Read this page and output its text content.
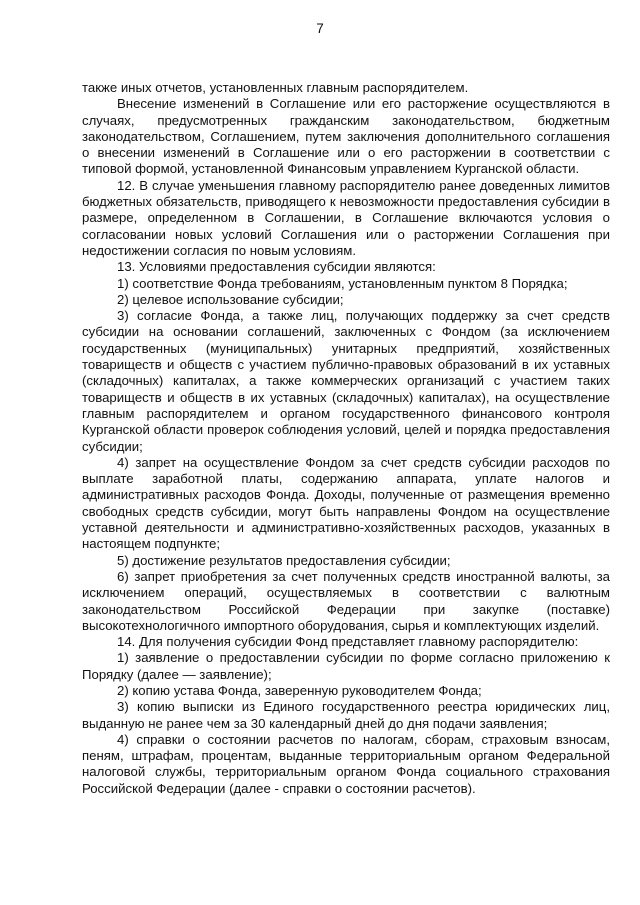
7

также иных отчетов, установленных главным распорядителем.

Внесение изменений в Соглашение или его расторжение осуществляются в случаях, предусмотренных гражданским законодательством, бюджетным законодательством, Соглашением, путем заключения дополнительного соглашения о внесении изменений в Соглашение или о его расторжении в соответствии с типовой формой, установленной Финансовым управлением Курганской области.

12. В случае уменьшения главному распорядителю ранее доведенных лимитов бюджетных обязательств, приводящего к невозможности предоставления субсидии в размере, определенном в Соглашении, в Соглашение включаются условия о согласовании новых условий Соглашения или о расторжении Соглашения при недостижении согласия по новым условиям.

13. Условиями предоставления субсидии являются:

1) соответствие Фонда требованиям, установленным пунктом 8 Порядка;

2) целевое использование субсидии;

3) согласие Фонда, а также лиц, получающих поддержку за счет средств субсидии на основании соглашений, заключенных с Фондом (за исключением государственных (муниципальных) унитарных предприятий, хозяйственных товариществ и обществ с участием публично-правовых образований в их уставных (складочных) капиталах, а также коммерческих организаций с участием таких товариществ и обществ в их уставных (складочных) капиталах), на осуществление главным распорядителем и органом государственного финансового контроля Курганской области проверок соблюдения условий, целей и порядка предоставления субсидии;

4) запрет на осуществление Фондом за счет средств субсидии расходов по выплате заработной платы, содержанию аппарата, уплате налогов и административных расходов Фонда. Доходы, полученные от размещения временно свободных средств субсидии, могут быть направлены Фондом на осуществление уставной деятельности и административно-хозяйственных расходов, указанных в настоящем подпункте;

5) достижение результатов предоставления субсидии;

6) запрет приобретения за счет полученных средств иностранной валюты, за исключением операций, осуществляемых в соответствии с валютным законодательством Российской Федерации при закупке (поставке) высокотехнологичного импортного оборудования, сырья и комплектующих изделий.

14. Для получения субсидии Фонд представляет главному распорядителю:

1) заявление о предоставлении субсидии по форме согласно приложению к Порядку (далее — заявление);

2) копию устава Фонда, заверенную руководителем Фонда;

3) копию выписки из Единого государственного реестра юридических лиц, выданную не ранее чем за 30 календарный дней до дня подачи заявления;

4) справки о состоянии расчетов по налогам, сборам, страховым взносам, пеням, штрафам, процентам, выданные территориальным органом Федеральной налоговой службы, территориальным органом Фонда социального страхования Российской Федерации (далее - справки о состоянии расчетов).
